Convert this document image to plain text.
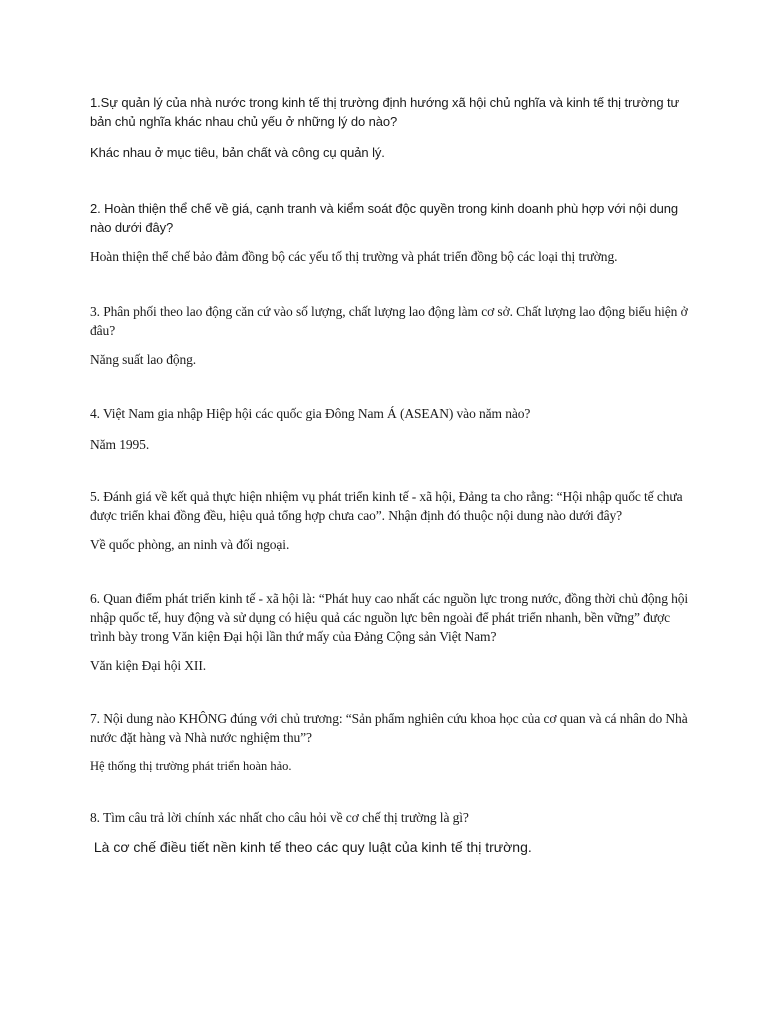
1.Sự quản lý của nhà nước trong kinh tế thị trường định hướng xã hội chủ nghĩa và kinh tế thị trường tư bản chủ nghĩa khác nhau chủ yếu ở những lý do nào?

Khác nhau ở mục tiêu, bản chất và công cụ quản lý.

2. Hoàn thiện thể chế về giá, cạnh tranh và kiểm soát độc quyền trong kinh doanh phù hợp với nội dung nào dưới đây?

Hoàn thiện thể chế bảo đảm đồng bộ các yếu tố thị trường và phát triển đồng bộ các loại thị trường.

3. Phân phối theo lao động căn cứ vào số lượng, chất lượng lao động làm cơ sở. Chất lượng lao động biểu hiện ở đâu?

Năng suất lao động.

4. Việt Nam gia nhập Hiệp hội các quốc gia Đông Nam Á (ASEAN) vào năm nào?

Năm 1995.

5. Đánh giá về kết quả thực hiện nhiệm vụ phát triển kinh tế - xã hội, Đảng ta cho rằng: “Hội nhập quốc tế chưa được triển khai đồng đều, hiệu quả tổng hợp chưa cao”. Nhận định đó thuộc nội dung nào dưới đây?

Về quốc phòng, an ninh và đối ngoại.

6. Quan điểm phát triển kinh tế - xã hội là: “Phát huy cao nhất các nguồn lực trong nước, đồng thời chủ động hội nhập quốc tế, huy động và sử dụng có hiệu quả các nguồn lực bên ngoài để phát triển nhanh, bền vững” được trình bày trong Văn kiện Đại hội lần thứ mấy của Đảng Cộng sản Việt Nam?

Văn kiện Đại hội XII.

7. Nội dung nào KHÔNG đúng với chủ trương: “Sản phẩm nghiên cứu khoa học của cơ quan và cá nhân do Nhà nước đặt hàng và Nhà nước nghiệm thu”?

Hệ thống thị trường phát triển hoàn hảo.

8. Tìm câu trả lời chính xác nhất cho câu hỏi về cơ chế thị trường là gì?

Là cơ chế điều tiết nền kinh tế theo các quy luật của kinh tế thị trường.
